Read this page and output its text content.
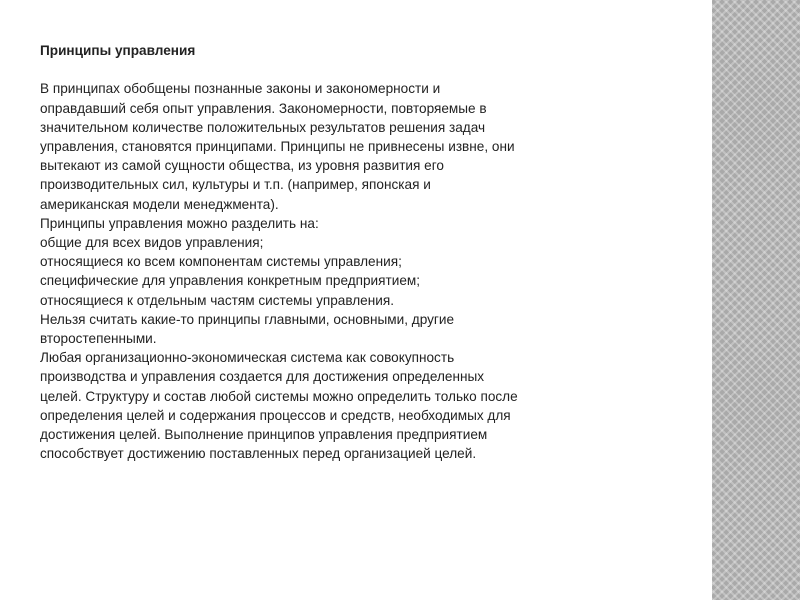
Принципы управления

В принципах обобщены познанные законы и закономерности и

оправдавший себя опыт управления. Закономерности, повторяемые в

значительном количестве положительных результатов решения задач

управления, становятся принципами. Принципы не привнесены извне, они

вытекают из самой сущности общества, из уровня развития его

производительных сил, культуры и т.п. (например, японская и

американская модели менеджмента).

Принципы управления можно разделить на:

общие для всех видов управления;

относящиеся ко всем компонентам системы управления;

специфические для управления конкретным предприятием;

относящиеся к отдельным частям системы управления.

Нельзя считать какие-то принципы главными, основными, другие

второстепенными.

Любая организационно-экономическая система как совокупность

производства и управления создается для достижения определенных

целей. Структуру и состав любой системы можно определить только после

определения целей и содержания процессов и средств, необходимых для

достижения целей. Выполнение принципов управления предприятием

способствует достижению поставленных перед организацией целей.
